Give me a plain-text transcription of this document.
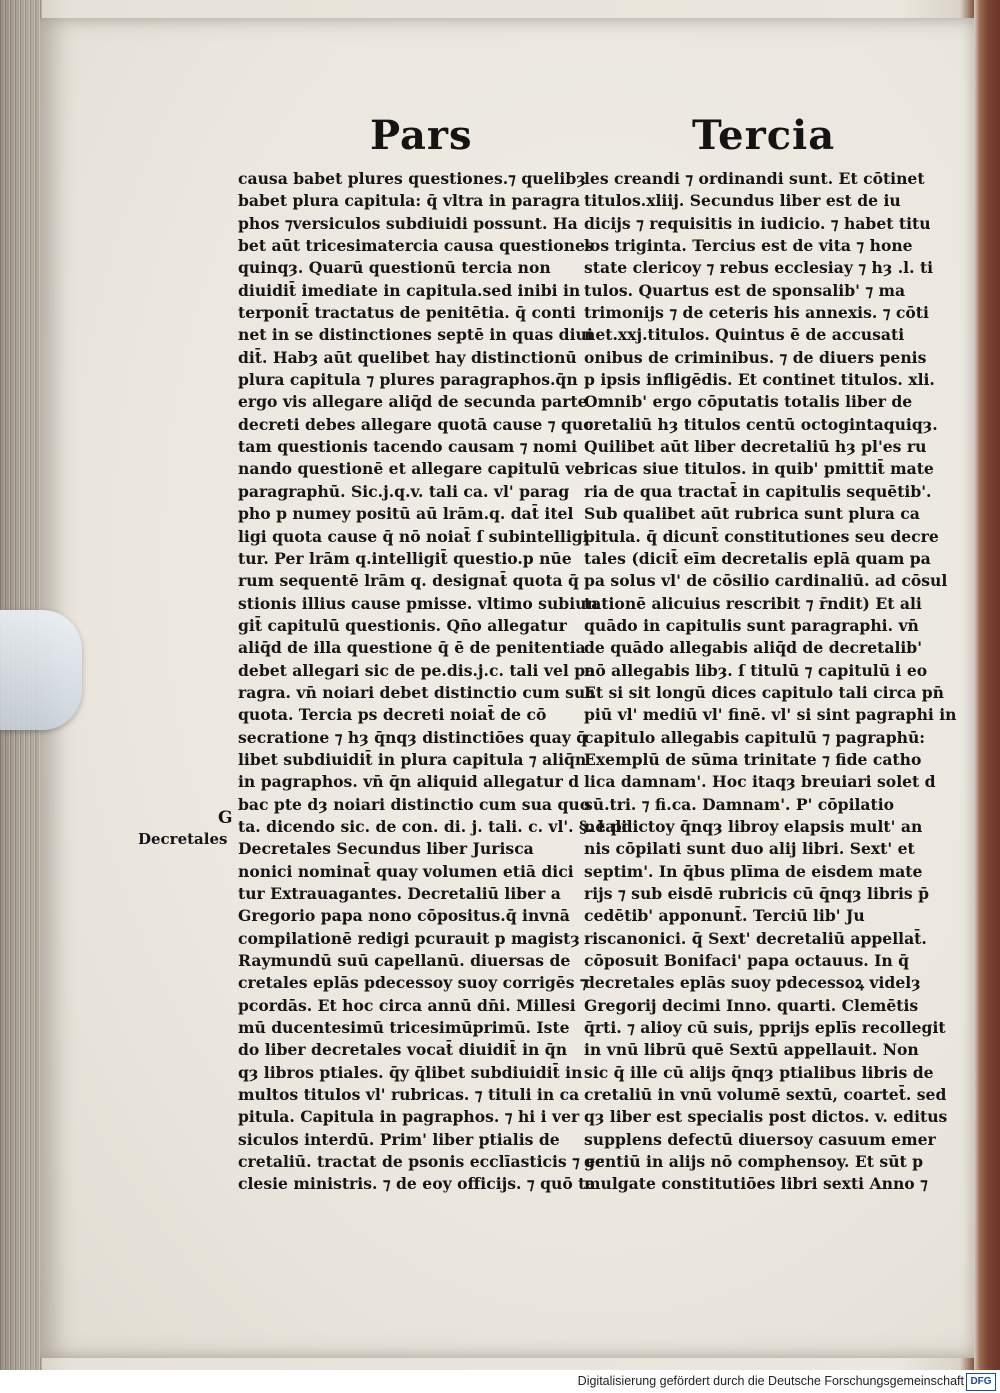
Pars	Tercia
causa babet plures questiones.⁊ quelibȝ
babet plura capitula: q̄ vltra in paragra
phos ⁊versiculos subdiuidi possunt. Ha
bet aūt tricesimatercia causa questiones
quinqȝ. Quarū questionū tercia non
diuidit̄ imediate in capitula.sed inibi in
terponit̄ tractatus de penitētia. q̄ conti
net in se distinctiones septē in quas diui
dit̄. Habȝ aūt quelibet hay distinctionū
plura capitula ⁊ plures paragraphos.q̄n
ergo vis allegare aliq̄d de secunda parte
decreti debes allegare quotā cause ⁊ quo
tam questionis tacendo causam ⁊ nomi
nando questionē et allegare capitulū vel
paragraphū. Sic.j.q.v. tali ca. vl' parag
pho p numey positū aū lrām.q. dat̄ itel
ligi quota cause q̄ nō noiat̄ ſ subintelligi
tur. Per lrām q.intelligit̄ questio.p nūe
rum sequentē lrām q. designat̄ quota q̄
stionis illius cause pmisse. vltimo subiun
git̄ capitulū questionis. Qn̄o allegatur
aliq̄d de illa questione q̄ ē de penitentia
debet allegari sic de pe.dis.j.c. tali vel pa
ragra. vn̄ noiari debet distinctio cum sua
quota. Tercia ps decreti noiat̄ de cō
secratione ⁊ hȝ q̄nqȝ distinctiōes quay q̄
libet subdiuidit̄ in plura capitula ⁊ aliq̄n
in pagraphos. vn̄ q̄n aliquid allegatur d
bac pte dȝ noiari distinctio cum sua quo
ta. dicendo sic. de con. di. j. tali. c. vl'. §. tali
Decretales Secundus liber Jurisca
nonici nominat̄ quay volumen etiā dici
tur Extrauagantes. Decretaliū liber a
Gregorio papa nono cōpositus.q̄ invnā
compilationē redigi pcurauit p magistȝ
Raymundū suū capellanū. diuersas de
cretales eplās pdecessoy suoy corrigēs ⁊
pcordās. Et hoc circa annū dn̄i. Millesi
mū ducentesimū tricesimūprimū. Iste
do liber decretales vocat̄ diuidit̄ in q̄n
qȝ libros ptiales. q̄y q̄libet subdiuidit̄ in
multos titulos vl' rubricas. ⁊ tituli in ca
pitula. Capitula in pagraphos. ⁊ hi i ver
siculos interdū. Prim' liber ptialis de
cretaliū. tractat de psonis ecclīasticis ⁊ ec
clesie ministris. ⁊ de eoy officijs. ⁊ quō ta
les creandi ⁊ ordinandi sunt. Et cōtinet
titulos.xliij. Secundus liber est de iu
dicijs ⁊ requisitis in iudicio. ⁊ habet titu
los triginta. Tercius est de vita ⁊ hone
state clericoy ⁊ rebus ecclesiay ⁊ hȝ .l. ti
tulos. Quartus est de sponsalib' ⁊ ma
trimonijs ⁊ de ceteris his annexis. ⁊ cōti
net.xxj.titulos. Quintus ē de accusati
onibus de criminibus. ⁊ de diuers penis
p ipsis infligēdis. Et continet titulos. xli.
Omnib' ergo cōputatis totalis liber de
cretaliū hȝ titulos centū octogintaquiqȝ.
Quilibet aūt liber decretaliū hȝ pl'es ru
bricas siue titulos. in quib' pmittit̄ mate
ria de qua tractat̄ in capitulis sequētib'.
Sub qualibet aūt rubrica sunt plura ca
pitula. q̄ dicunt̄ constitutiones seu decre
tales (dicit̄ eīm decretalis eplā quam pa
pa solus vl' de cōsilio cardinaliū. ad cōsul
tationē alicuius rescribit ⁊ r̄ndit) Et ali
quādo in capitulis sunt paragraphi. vn̄
de quādo allegabis aliq̄d de decretalib'
nō allegabis libȝ. ſ titulū ⁊ capitulū i eo
Et si sit longū dices capitulo tali circa pn̄
piū vl' mediū vl' finē. vl' si sint pagraphi in
capitulo allegabis capitulū ⁊ pagraphū:
Exemplū de sūma trinitate ⁊ fide catho
lica damnam'. Hoc itaqȝ breuiari solet d
sū.tri. ⁊ fi.ca. Damnam'. P' cōpilatio
nē pdictoy q̄nqȝ libroy elapsis mult' an
nis cōpilati sunt duo alij libri. Sext' et
septim'. In q̄bus plīma de eisdem mate
rijs ⁊ sub eisdē rubricis cū q̄nqȝ libris p̄
cedētib' apponunt̄. Terciū lib' Ju
riscanonici. q̄ Sext' decretaliū appellat̄.
cōposuit Bonifaci' papa octauus. In q̄
decretales eplās suoy pdecessoꝝ videlȝ
Gregorij decimi Inno. quarti. Clemētis
q̄rti. ⁊ alioy cū suis, pprijs eplīs recollegit
in vnū librū quē Sextū appellauit. Non
sic q̄ ille cū alijs q̄nqȝ ptialibus libris de
cretaliū in vnū volumē sextū, coartet̄. sed
qȝ liber est specialis post dictos. v. editus
supplens defectū diuersoy casuum emer
gentiū in alijs nō comphensoy. Et sūt p
mulgate constitutiōes libri sexti Anno ⁊
G
Decretales
Digitalisierung gefördert durch die Deutsche Forschungsgemeinschaft DFG
